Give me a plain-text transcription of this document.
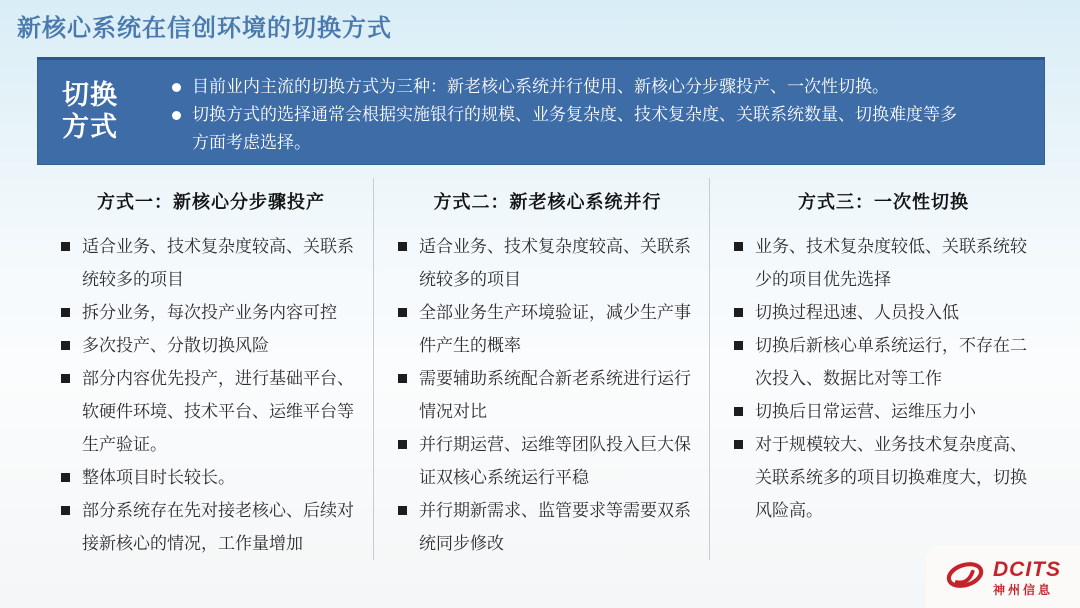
新核心系统在信创环境的切换方式
切换
方式
目前业内主流的切换方式为三种：新老核心系统并行使用、新核心分步骤投产、一次性切换。
切换方式的选择通常会根据实施银行的规模、业务复杂度、技术复杂度、关联系统数量、切换难度等多方面考虑选择。
方式一：新核心分步骤投产
适合业务、技术复杂度较高、关联系统较多的项目
拆分业务，每次投产业务内容可控
多次投产、分散切换风险
部分内容优先投产，进行基础平台、软硬件环境、技术平台、运维平台等生产验证。
整体项目时长较长。
部分系统存在先对接老核心、后续对接新核心的情况，工作量增加
方式二：新老核心系统并行
适合业务、技术复杂度较高、关联系统较多的项目
全部业务生产环境验证，减少生产事件产生的概率
需要辅助系统配合新老系统进行运行情况对比
并行期运营、运维等团队投入巨大保证双核心系统运行平稳
并行期新需求、监管要求等需要双系统同步修改
方式三：一次性切换
业务、技术复杂度较低、关联系统较少的项目优先选择
切换过程迅速、人员投入低
切换后新核心单系统运行，不存在二次投入、数据比对等工作
切换后日常运营、运维压力小
对于规模较大、业务技术复杂度高、关联系统多的项目切换难度大，切换风险高。
DCITS
神州信息
